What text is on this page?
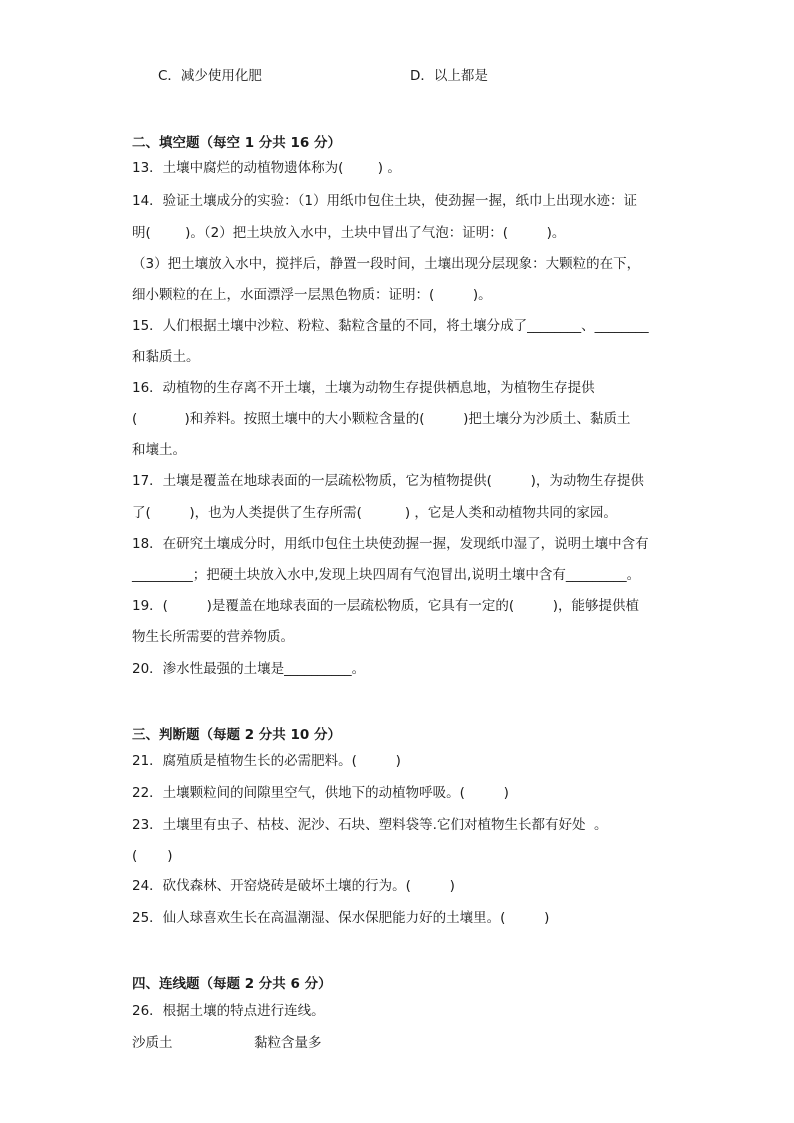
C．减少使用化肥	D．以上都是
二、填空题（每空 1 分共 16 分）
13．土壤中腐烂的动植物遗体称为(        ) 。
14．验证土壤成分的实验：（1）用纸巾包住土块，使劲握一握，纸巾上出现水迹：证
明(        )。（2）把土块放入水中，土块中冒出了气泡：证明：(         )。
（3）把土壤放入水中，搅拌后，静置一段时间，土壤出现分层现象：大颗粒的在下，
细小颗粒的在上，水面漂浮一层黑色物质：证明：(         )。
15．人们根据土壤中沙粒、粉粒、黏粒含量的不同，将土壤分成了________、________
和黏质土。
16．动植物的生存离不开土壤，土壤为动物生存提供栖息地，为植物生存提供
(           )和养料。按照土壤中的大小颗粒含量的(         )把土壤分为沙质土、黏质土
和壤土。
17．土壤是覆盖在地球表面的一层疏松物质，它为植物提供(         )，为动物生存提供
了(         )，也为人类提供了生存所需(          ) ，它是人类和动植物共同的家园。
18．在研究土壤成分时，用纸巾包住土块使劲握一握，发现纸巾湿了，说明土壤中含有
_________；把硬土块放入水中,发现上块四周有气泡冒出,说明土壤中含有_________。
19．(         )是覆盖在地球表面的一层疏松物质，它具有一定的(         )，能够提供植
物生长所需要的营养物质。
20．渗水性最强的土壤是__________。
三、判断题（每题 2 分共 10 分）
21．腐殖质是植物生长的必需肥料。(         )
22．土壤颗粒间的间隙里空气，供地下的动植物呼吸。(         )
23．土壤里有虫子、枯枝、泥沙、石块、塑料袋等.它们对植物生长都有好处  。
(       )
24．砍伐森林、开窑烧砖是破坏土壤的行为。(         )
25．仙人球喜欢生长在高温潮湿、保水保肥能力好的土壤里。(         )
四、连线题（每题 2 分共 6 分）
26．根据土壤的特点进行连线。
沙质土	黏粒含量多
